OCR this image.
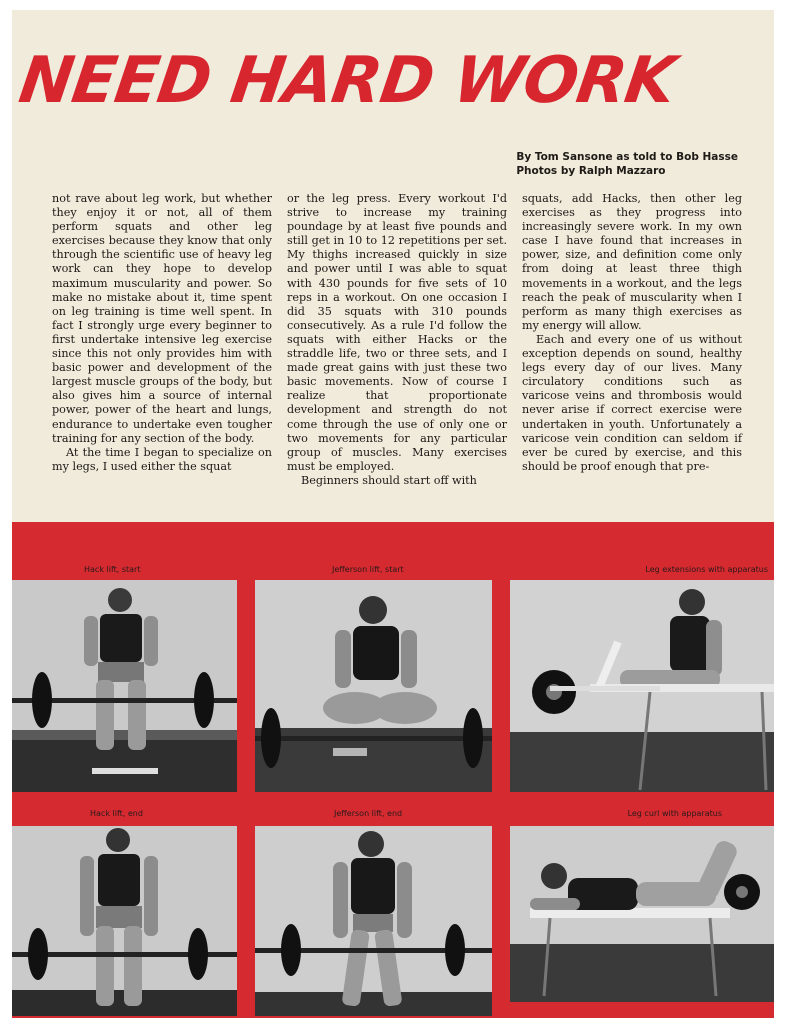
NEED HARD WORK
By Tom Sansone as told to Bob Hasse
Photos by Ralph Mazzaro

not rave about leg work, but whether they enjoy it or not, all of them perform squats and other leg exercises because they know that only through the scientific use of heavy leg work can they hope to develop maximum muscularity and power. So make no mistake about it, time spent on leg training is time well spent. In fact I strongly urge every beginner to first undertake intensive leg exercise since this not only provides him with basic power and development of the largest muscle groups of the body, but also gives him a source of internal power, power of the heart and lungs, endurance to undertake even tougher training for any section of the body.

At the time I began to specialize on my legs, I used either the squat

or the leg press. Every workout I'd strive to increase my training poundage by at least five pounds and still get in 10 to 12 repetitions per set. My thighs increased quickly in size and power until I was able to squat with 430 pounds for five sets of 10 reps in a workout. On one occasion I did 35 squats with 310 pounds consecutively. As a rule I'd follow the squats with either Hacks or the straddle life, two or three sets, and I made great gains with just these two basic movements. Now of course I realize that proportionate development and strength do not come through the use of only one or two movements for any particular group of muscles. Many exercises must be employed.

Beginners should start off with

squats, add Hacks, then other leg exercises as they progress into increasingly severe work. In my own case I have found that increases in power, size, and definition come only from doing at least three thigh movements in a workout, and the legs reach the peak of muscularity when I perform as many thigh exercises as my energy will allow.

Each and every one of us without exception depends on sound, healthy legs every day of our lives. Many circulatory conditions such as varicose veins and thrombosis would never arise if correct exercise were undertaken in youth. Unfortunately a varicose vein condition can seldom if ever be cured by exercise, and this should be proof enough that pre-

Hack lift, start	Jefferson lift, start	Leg extensions with apparatus
Hack lift, end	Jefferson lift, end	Leg curl with apparatus
